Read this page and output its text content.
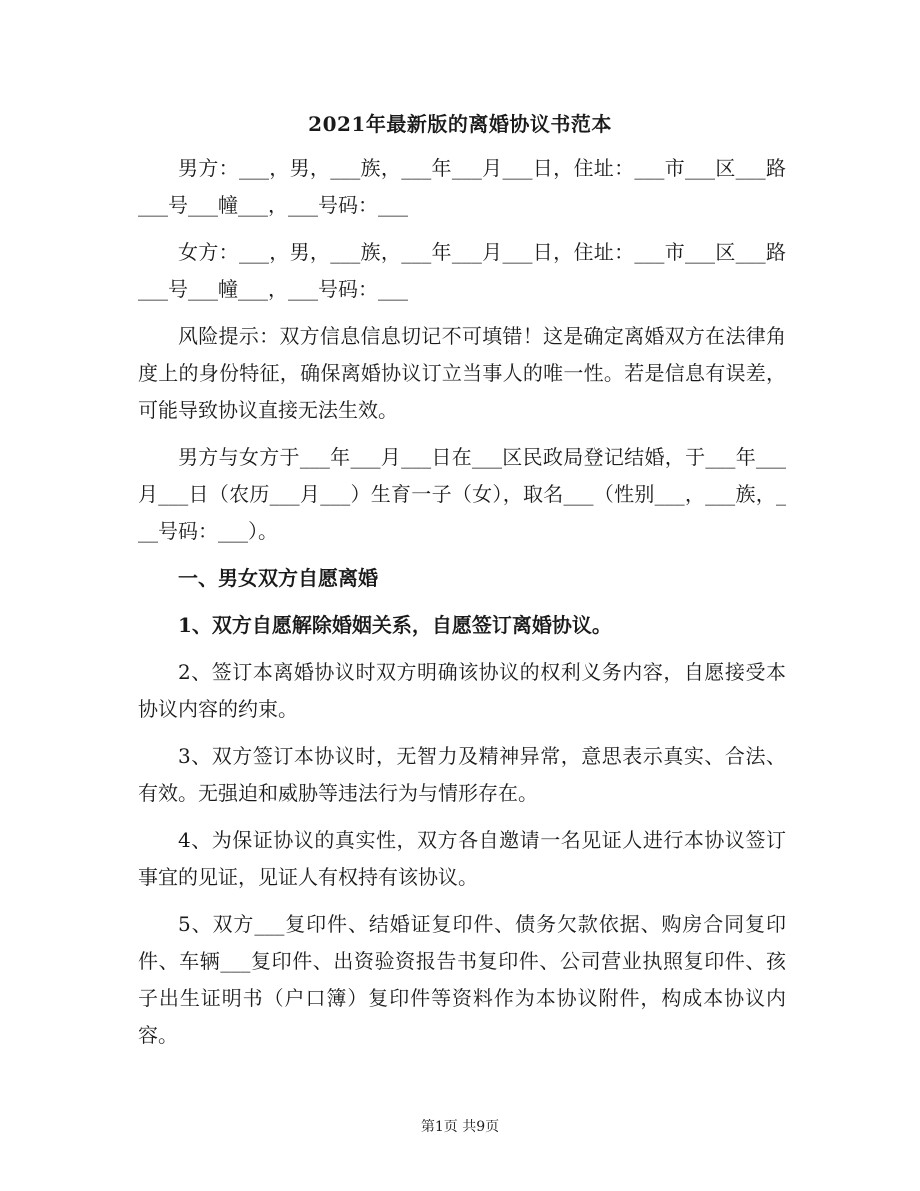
2021年最新版的离婚协议书范本

男方：___，男，___族，___年___月___日，住址：___市___区___路___号___幢___，___号码：___

女方：___，男，___族，___年___月___日，住址：___市___区___路___号___幢___，___号码：___

风险提示：双方信息信息切记不可填错！这是确定离婚双方在法律角度上的身份特征，确保离婚协议订立当事人的唯一性。若是信息有误差，可能导致协议直接无法生效。

男方与女方于___年___月___日在___区民政局登记结婚，于___年___月___日（农历___月___）生育一子（女），取名___（性别___，___族，___号码：___）。

一、男女双方自愿离婚

1、双方自愿解除婚姻关系，自愿签订离婚协议。

2、签订本离婚协议时双方明确该协议的权利义务内容，自愿接受本协议内容的约束。

3、双方签订本协议时，无智力及精神异常，意思表示真实、合法、有效。无强迫和威胁等违法行为与情形存在。

4、为保证协议的真实性，双方各自邀请一名见证人进行本协议签订事宜的见证，见证人有权持有该协议。

5、双方___复印件、结婚证复印件、债务欠款依据、购房合同复印件、车辆___复印件、出资验资报告书复印件、公司营业执照复印件、孩子出生证明书（户口簿）复印件等资料作为本协议附件，构成本协议内容。

第1页 共9页
